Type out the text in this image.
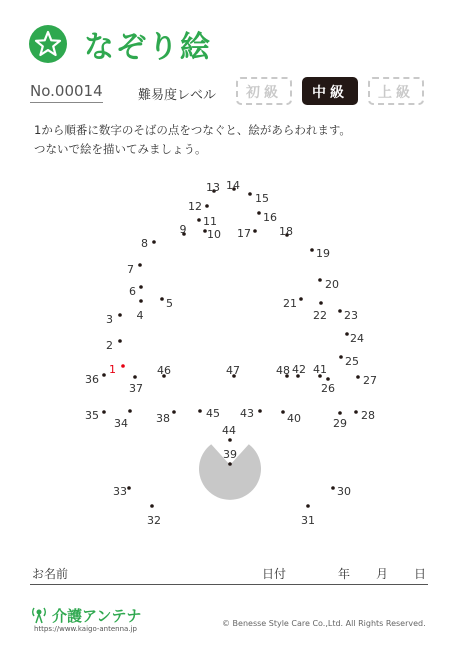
なぞり絵
No.00014	難易度レベル	初級	中級	上級
1から順番に数字のそばの点をつなぐと、絵があらわれます。
つないで絵を描いてみましょう。
1
2
3 4
5
6
7
8
9 10
11
12
13 14
15
16
17	18
19
20
21
22 23
24
25
26
27
28
29
30
31
32
33
34
35
36
37
38
39
40
41
42
43
44
45
46	47	48
お名前	日付	年 月 日
介護アンテナ
https://www.kaigo-antenna.jp
© Benesse Style Care Co.,Ltd. All Rights Reserved.
